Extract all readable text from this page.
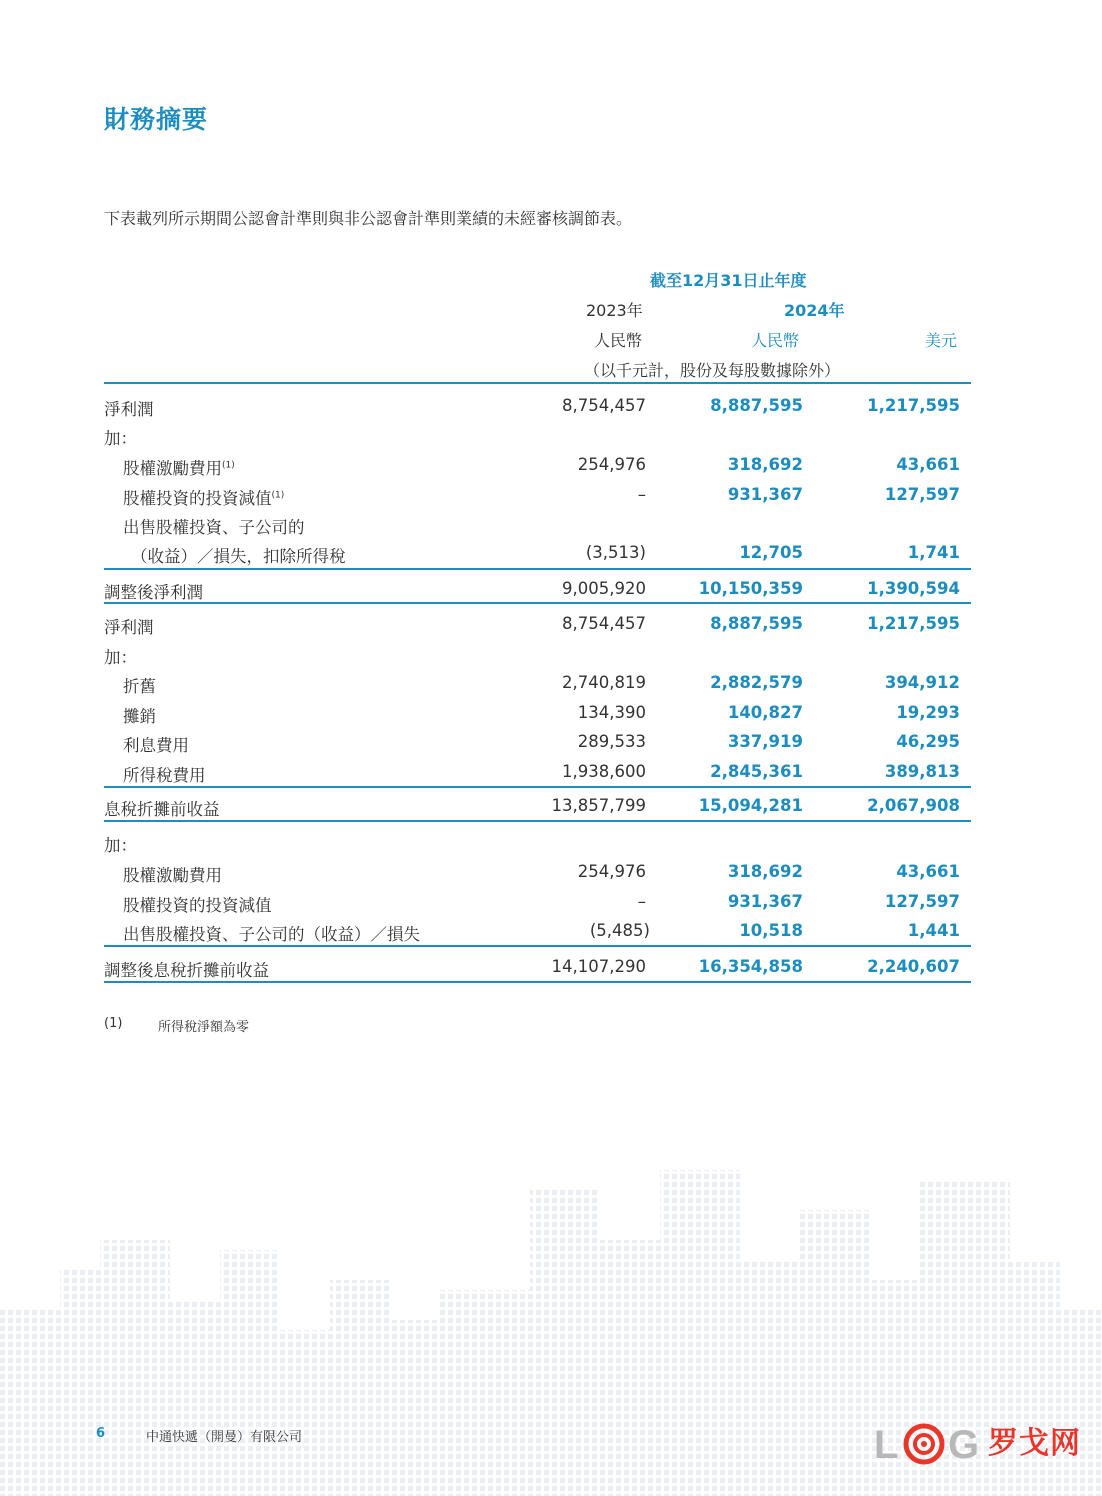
財務摘要
下表載列所示期間公認會計準則與非公認會計準則業績的未經審核調節表。
截至12月31日止年度
2023年	2024年
人民幣	人民幣	美元
（以千元計，股份及每股數據除外）
淨利潤	8,754,457	8,887,595	1,217,595
加：
股權激勵費用$^{(1)}$	254,976	318,692	43,661
股權投資的投資減值$^{(1)}$	–	931,367	127,597
出售股權投資、子公司的
（收益）／損失，扣除所得稅	(3,513)	12,705	1,741
調整後淨利潤	9,005,920	10,150,359	1,390,594
淨利潤	8,754,457	8,887,595	1,217,595
加：
折舊	2,740,819	2,882,579	394,912
攤銷	134,390	140,827	19,293
利息費用	289,533	337,919	46,295
所得稅費用	1,938,600	2,845,361	389,813
息稅折攤前收益	13,857,799	15,094,281	2,067,908
加：
股權激勵費用	254,976	318,692	43,661
股權投資的投資減值	–	931,367	127,597
出售股權投資、子公司的（收益）／損失	(5,485)	10,518	1,441
調整後息稅折攤前收益	14,107,290	16,354,858	2,240,607
(1)	所得稅淨額為零
6	中通快遞（開曼）有限公司	L G 罗戈网
